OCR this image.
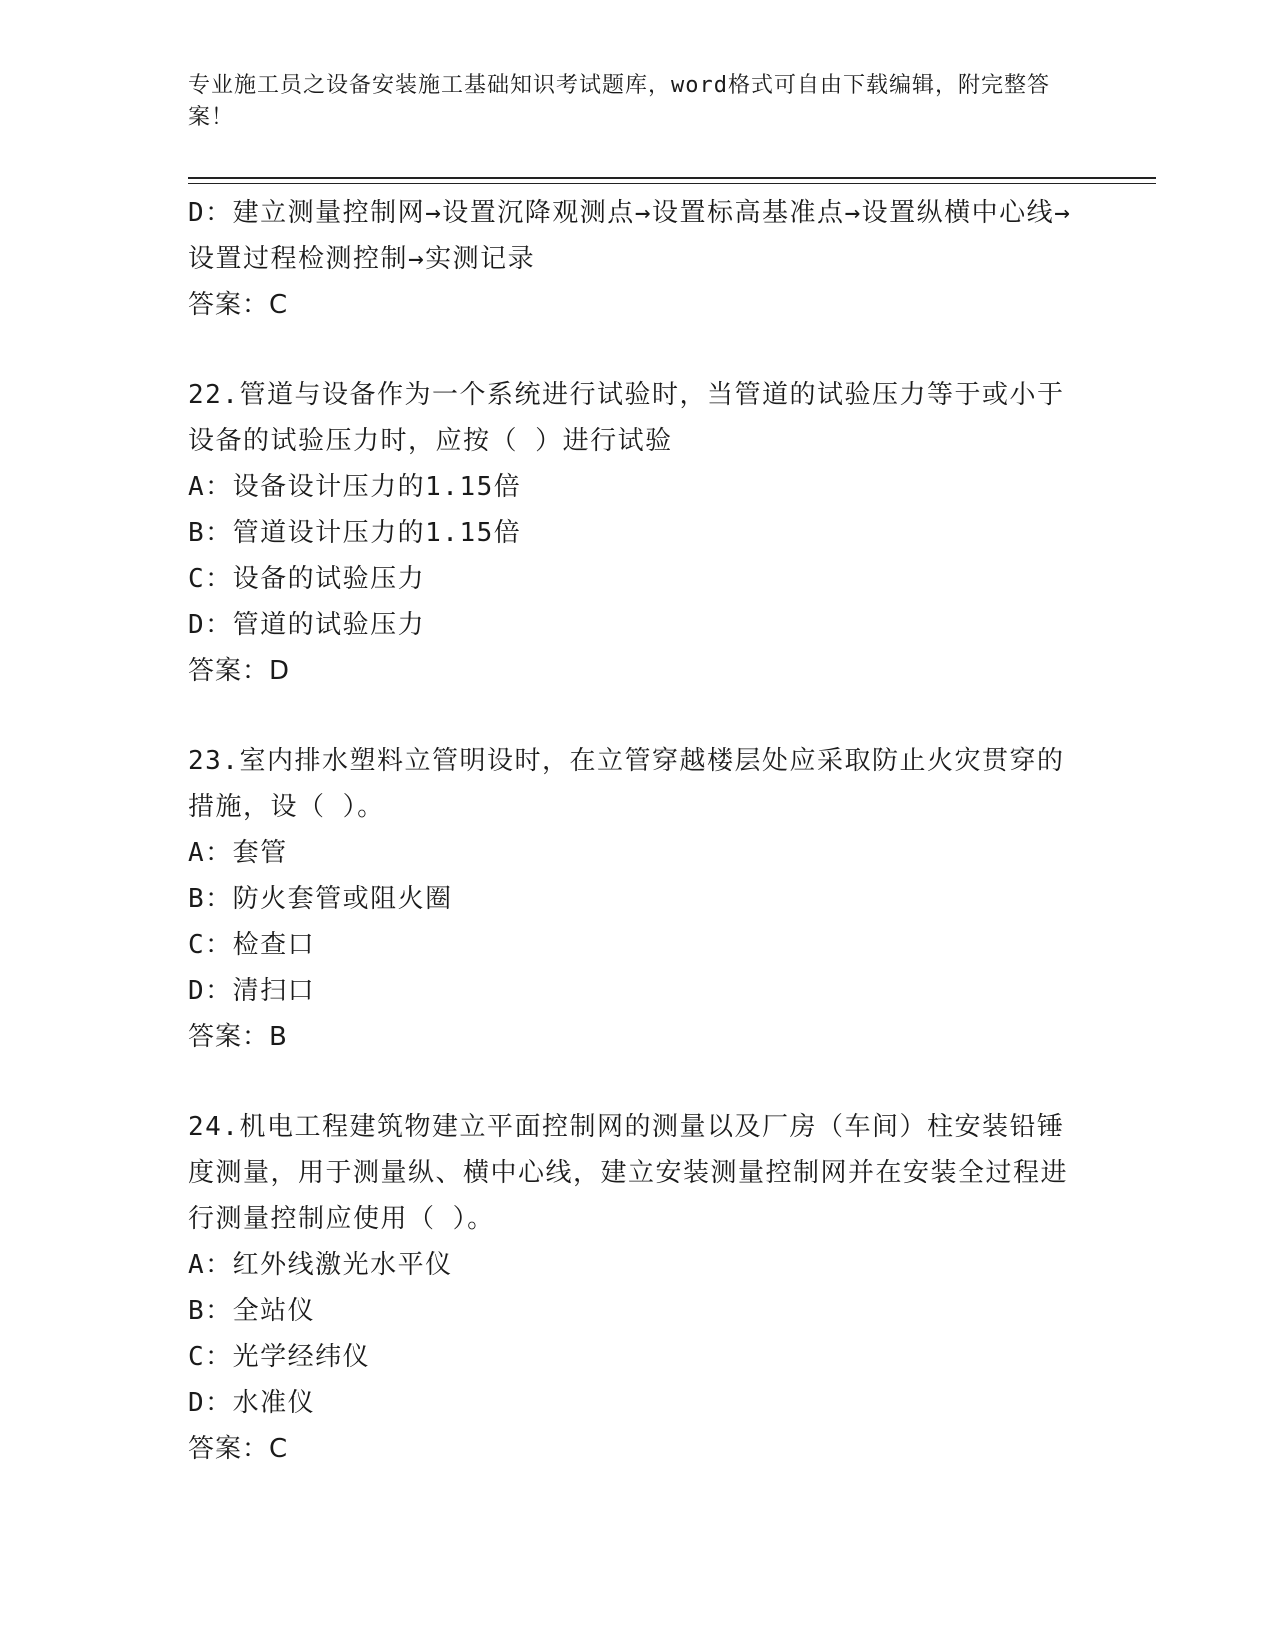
专业施工员之设备安装施工基础知识考试题库，word格式可自由下载编辑，附完整答案！

D：建立测量控制网→设置沉降观测点→设置标高基准点→设置纵横中心线→设置过程检测控制→实测记录

答案：C

22.管道与设备作为一个系统进行试验时，当管道的试验压力等于或小于设备的试验压力时，应按（ ）进行试验

A：设备设计压力的1.15倍

B：管道设计压力的1.15倍

C：设备的试验压力

D：管道的试验压力

答案：D

23.室内排水塑料立管明设时，在立管穿越楼层处应采取防止火灾贯穿的措施，设（ ）。

A：套管

B：防火套管或阻火圈

C：检查口

D：清扫口

答案：B

24.机电工程建筑物建立平面控制网的测量以及厂房（车间）柱安装铅锤度测量，用于测量纵、横中心线，建立安装测量控制网并在安装全过程进行测量控制应使用（ ）。

A：红外线激光水平仪

B：全站仪

C：光学经纬仪

D：水准仪

答案：C
